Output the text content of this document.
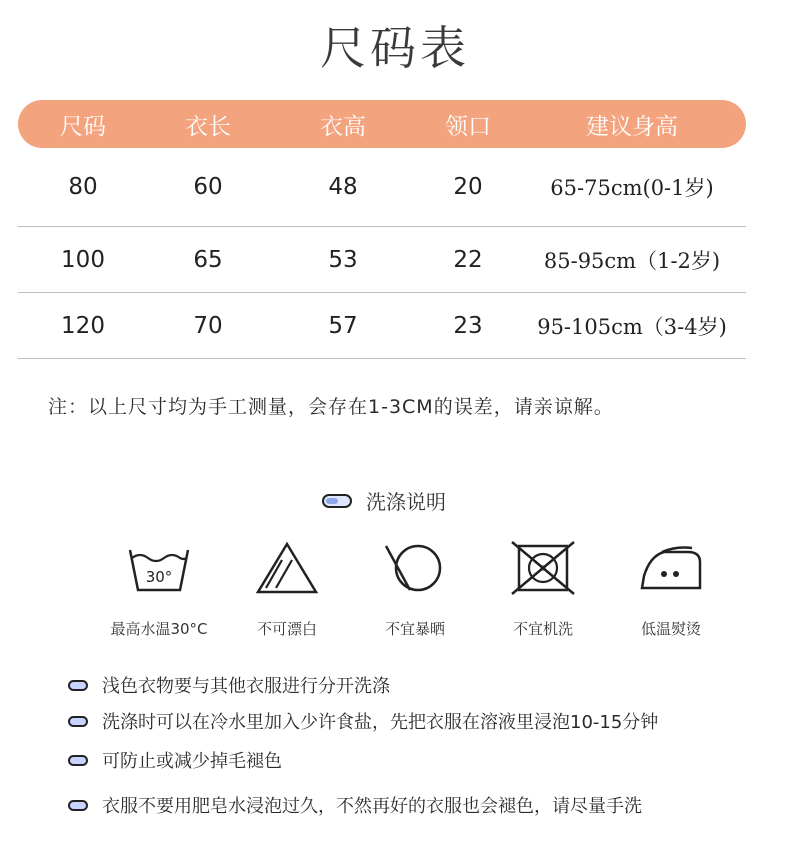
尺码表
尺码	衣长	衣高	领口	建议身高
80	60	48	20	65-75cm(0-1岁)
100	65	53	22	85-95cm（1-2岁)
120	70	57	23	95-105cm（3-4岁)
注：以上尺寸均为手工测量，会存在1-3CM的误差，请亲谅解。
洗涤说明
30°
最高水温30°C	不可漂白	不宜暴晒	不宜机洗	低温熨烫
浅色衣物要与其他衣服进行分开洗涤
洗涤时可以在冷水里加入少许食盐，先把衣服在溶液里浸泡10-15分钟
可防止或减少掉毛褪色
衣服不要用肥皂水浸泡过久，不然再好的衣服也会褪色，请尽量手洗
